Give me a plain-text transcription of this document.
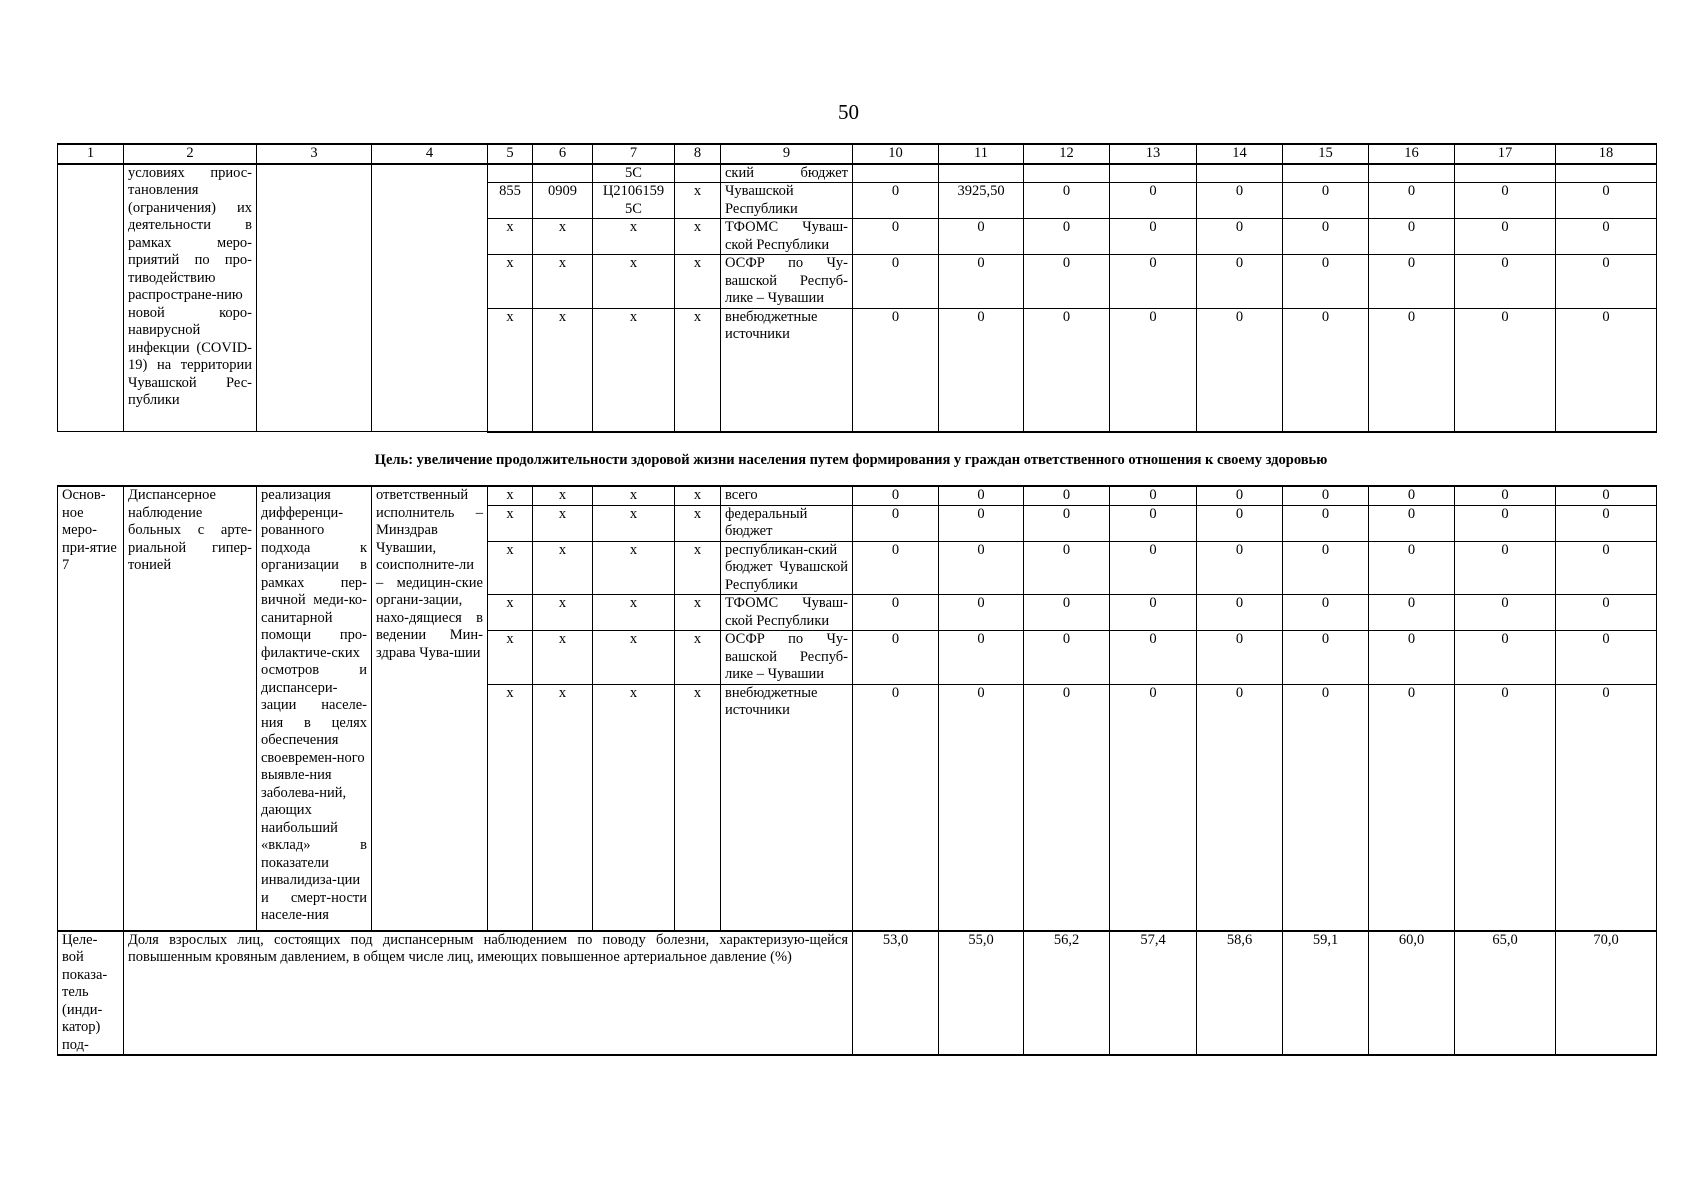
50
1	2	3	4	5	6	7	8	9	10	11	12	13	14	15	16	17	18
	условиях приос-тановления (ограничения) их деятельности в рамках меро-приятий по про-тиводействию распростране-нию новой коро-навирусной инфекции (COVID-19) на территории Чувашской Рес-публики					5С		ский бюджет									
				855	0909	Ц2106159 5С	x	Чувашской Республики	0	3925,50	0	0	0	0	0	0	0
				x	x	x	x	ТФОМС Чуваш-ской Республики	0	0	0	0	0	0	0	0	0
				x	x	x	x	ОСФР по Чу-вашской Респуб-лике – Чувашии	0	0	0	0	0	0	0	0	0
				x	x	x	x	внебюджетные источники	0	0	0	0	0	0	0	0	0
Цель: увеличение продолжительности здоровой жизни населения путем формирования у граждан ответственного отношения к своему здоровью
Основ-ное меро-при-ятие 7	Диспансерное наблюдение больных с арте-риальной гипер-тонией	реализация дифференци-рованного подхода к организации в рамках пер-вичной меди-ко-санитарной помощи про-филактиче-ских осмотров и диспансери-зации населе-ния в целях обеспечения своевремен-ного выявле-ния заболева-ний, дающих наибольший «вклад» в показатели инвалидиза-ции и смерт-ности населе-ния	ответственный исполнитель – Минздрав Чувашии, соисполните-ли – медицин-ские органи-зации, нахо-дящиеся в ведении Мин-здрава Чува-шии	x	x	x	x	всего	0	0	0	0	0	0	0	0	0
				x	x	x	x	федеральный бюджет	0	0	0	0	0	0	0	0	0
				x	x	x	x	республикан-ский бюджет Чувашской Республики	0	0	0	0	0	0	0	0	0
				x	x	x	x	ТФОМС Чуваш-ской Республики	0	0	0	0	0	0	0	0	0
				x	x	x	x	ОСФР по Чу-вашской Респуб-лике – Чувашии	0	0	0	0	0	0	0	0	0
				x	x	x	x	внебюджетные источники	0	0	0	0	0	0	0	0	0
Целе-вой показа-тель (инди-катор) под-	Доля взрослых лиц, состоящих под диспансерным наблюдением по поводу болезни, характеризую-щейся повышенным кровяным давлением, в общем числе лиц, имеющих повышенное артериальное давление (%)								53,0	55,0	56,2	57,4	58,6	59,1	60,0	65,0	70,0
